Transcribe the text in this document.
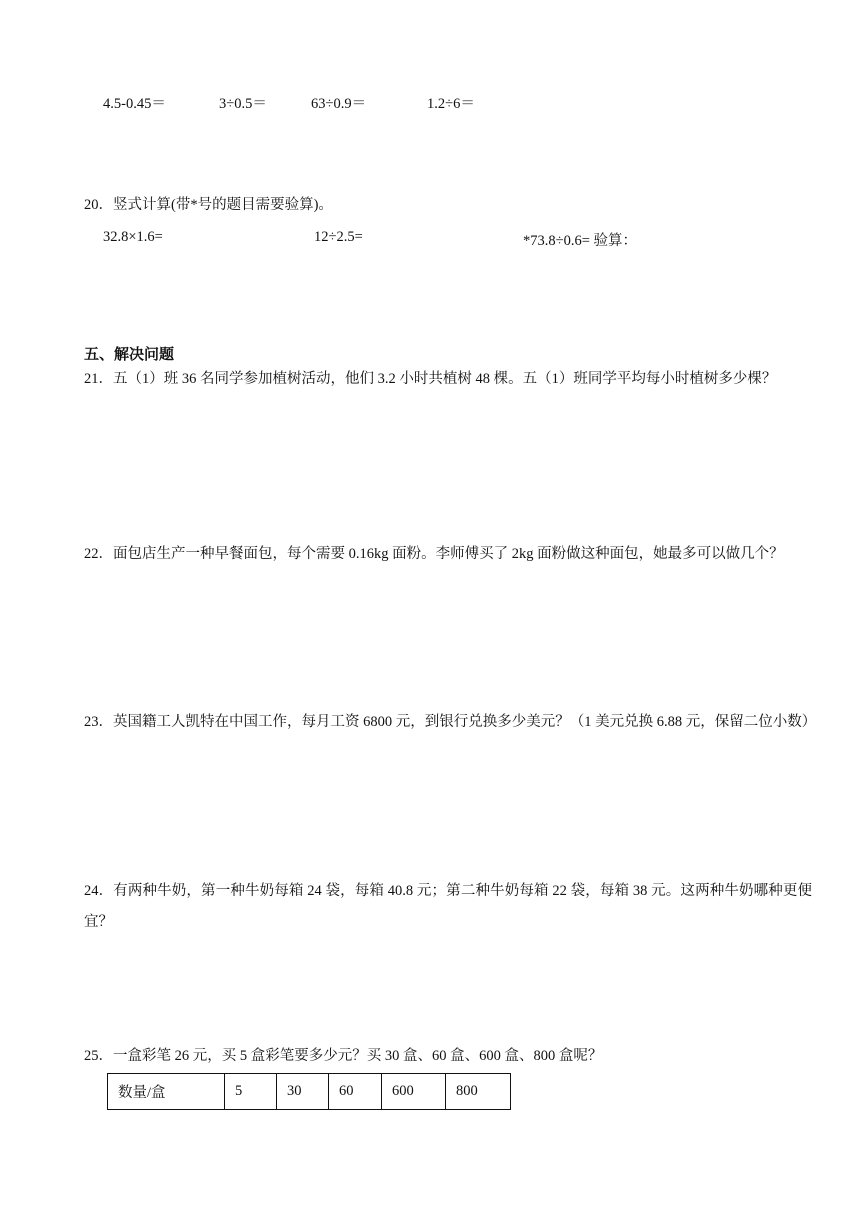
4.5-0.45＝	3÷0.5＝	63÷0.9＝	1.2÷6＝
20．竖式计算(带*号的题目需要验算)。
32.8×1.6=	12÷2.5=	*73.8÷0.6= 验算：
五、解决问题
21．五（1）班 36 名同学参加植树活动，他们 3.2 小时共植树 48 棵。五（1）班同学平均每小时植树多少棵？
22．面包店生产一种早餐面包，每个需要 0.16kg 面粉。李师傅买了 2kg 面粉做这种面包，她最多可以做几个？
23．英国籍工人凯特在中国工作，每月工资 6800 元，到银行兑换多少美元？（1 美元兑换 6.88 元，保留二位小数）
24．有两种牛奶，第一种牛奶每箱 24 袋，每箱 40.8 元；第二种牛奶每箱 22 袋，每箱 38 元。这两种牛奶哪种更便宜？
25．一盒彩笔 26 元，买 5 盒彩笔要多少元？买 30 盒、60 盒、600 盒、800 盒呢？
数量/盒	5	30	60	600	800
